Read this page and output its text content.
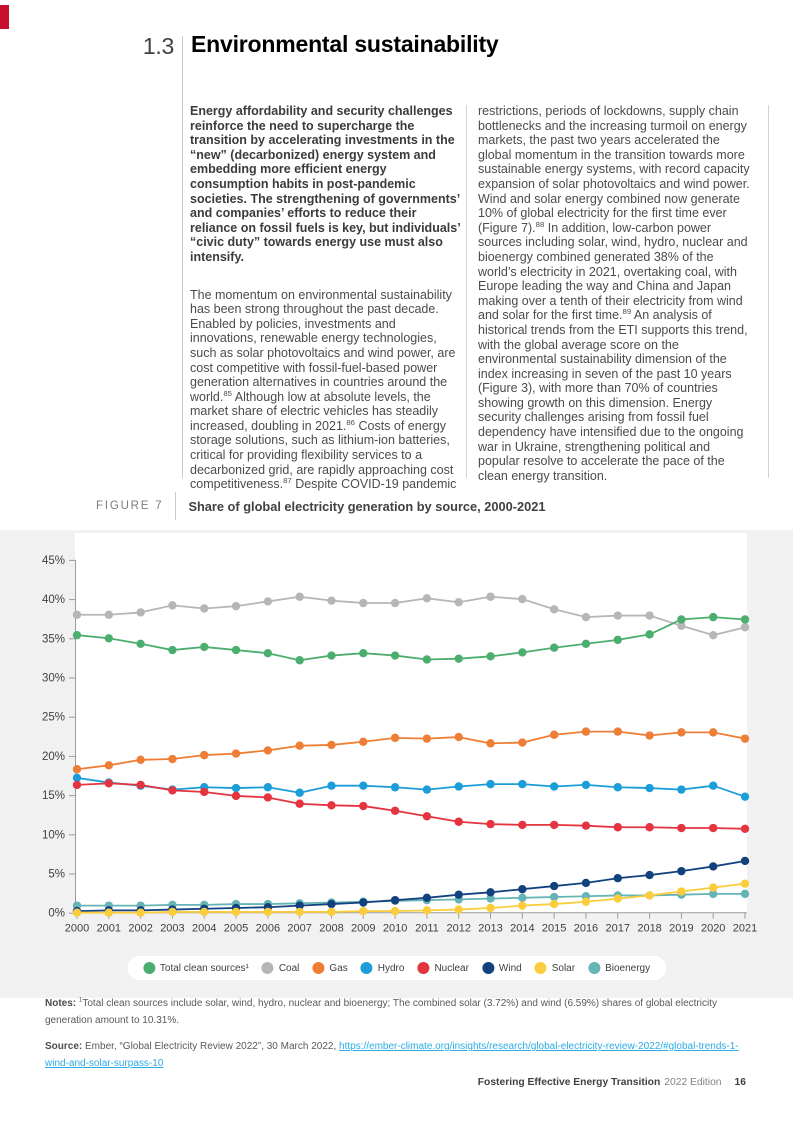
1.3 Environmental sustainability

Energy affordability and security challenges reinforce the need to supercharge the transition by accelerating investments in the “new” (decarbonized) energy system and embedding more efficient energy consumption habits in post-pandemic societies. The strengthening of governments’ and companies’ efforts to reduce their reliance on fossil fuels is key, but individuals’ “civic duty” towards energy use must also intensify.

The momentum on environmental sustainability has been strong throughout the past decade. Enabled by policies, investments and innovations, renewable energy technologies, such as solar photovoltaics and wind power, are cost competitive with fossil-fuel-based power generation alternatives in countries around the world.$^{85}$ Although low at absolute levels, the market share of electric vehicles has steadily increased, doubling in 2021.86 Costs of energy storage solutions, such as lithium-ion batteries, critical for providing flexibility services to a decarbonized grid, are rapidly approaching cost competitiveness.$^{87}$ Despite COVID-19 pandemic

restrictions, periods of lockdowns, supply chain bottlenecks and the increasing turmoil on energy markets, the past two years accelerated the global momentum in the transition towards more sustainable energy systems, with record capacity expansion of solar photovoltaics and wind power. Wind and solar energy combined now generate 10% of global electricity for the first time ever (Figure 7).$^{88}$ In addition, low-carbon power sources including solar, wind, hydro, nuclear and bioenergy combined generated 38% of the world’s electricity in 2021, overtaking coal, with Europe leading the way and China and Japan making over a tenth of their electricity from wind and solar for the first time.$^{89}$ An analysis of historical trends from the ETI supports this trend, with the global average score on the environmental sustainability dimension of the index increasing in seven of the past 10 years (Figure 3), with more than 70% of countries showing growth on this dimension. Energy security challenges arising from fossil fuel dependency have intensified due to the ongoing war in Ukraine, strengthening political and popular resolve to accelerate the pace of the clean energy transition.

FIGURE 7 Share of global electricity generation by source, 2000-2021
0%
5%
10%
15%
20%
25%
30%
35%
40%
45%
2000 2001 2002 2003 2004 2005 2006 2007 2008 2009 2010 2011 2012 2013 2014 2015 2016 2017 2018 2019 2020 2021
Total clean sources¹	Coal	Gas	Hydro	Nuclear	Wind	Solar	Bioenergy

Notes: $^1$Total clean sources include solar, wind, hydro, nuclear and bioenergy; The combined solar (3.72%) and wind (6.59%) shares of global electricity generation amount to 10.31%.

Source: Ember, “Global Electricity Review 2022”, 30 March 2022, https://ember-climate.org/insights/research/global-electricity-review-2022/#global-trends-1-wind-and-solar-surpass-10

Fostering Effective Energy Transition 2022 Edition 16
